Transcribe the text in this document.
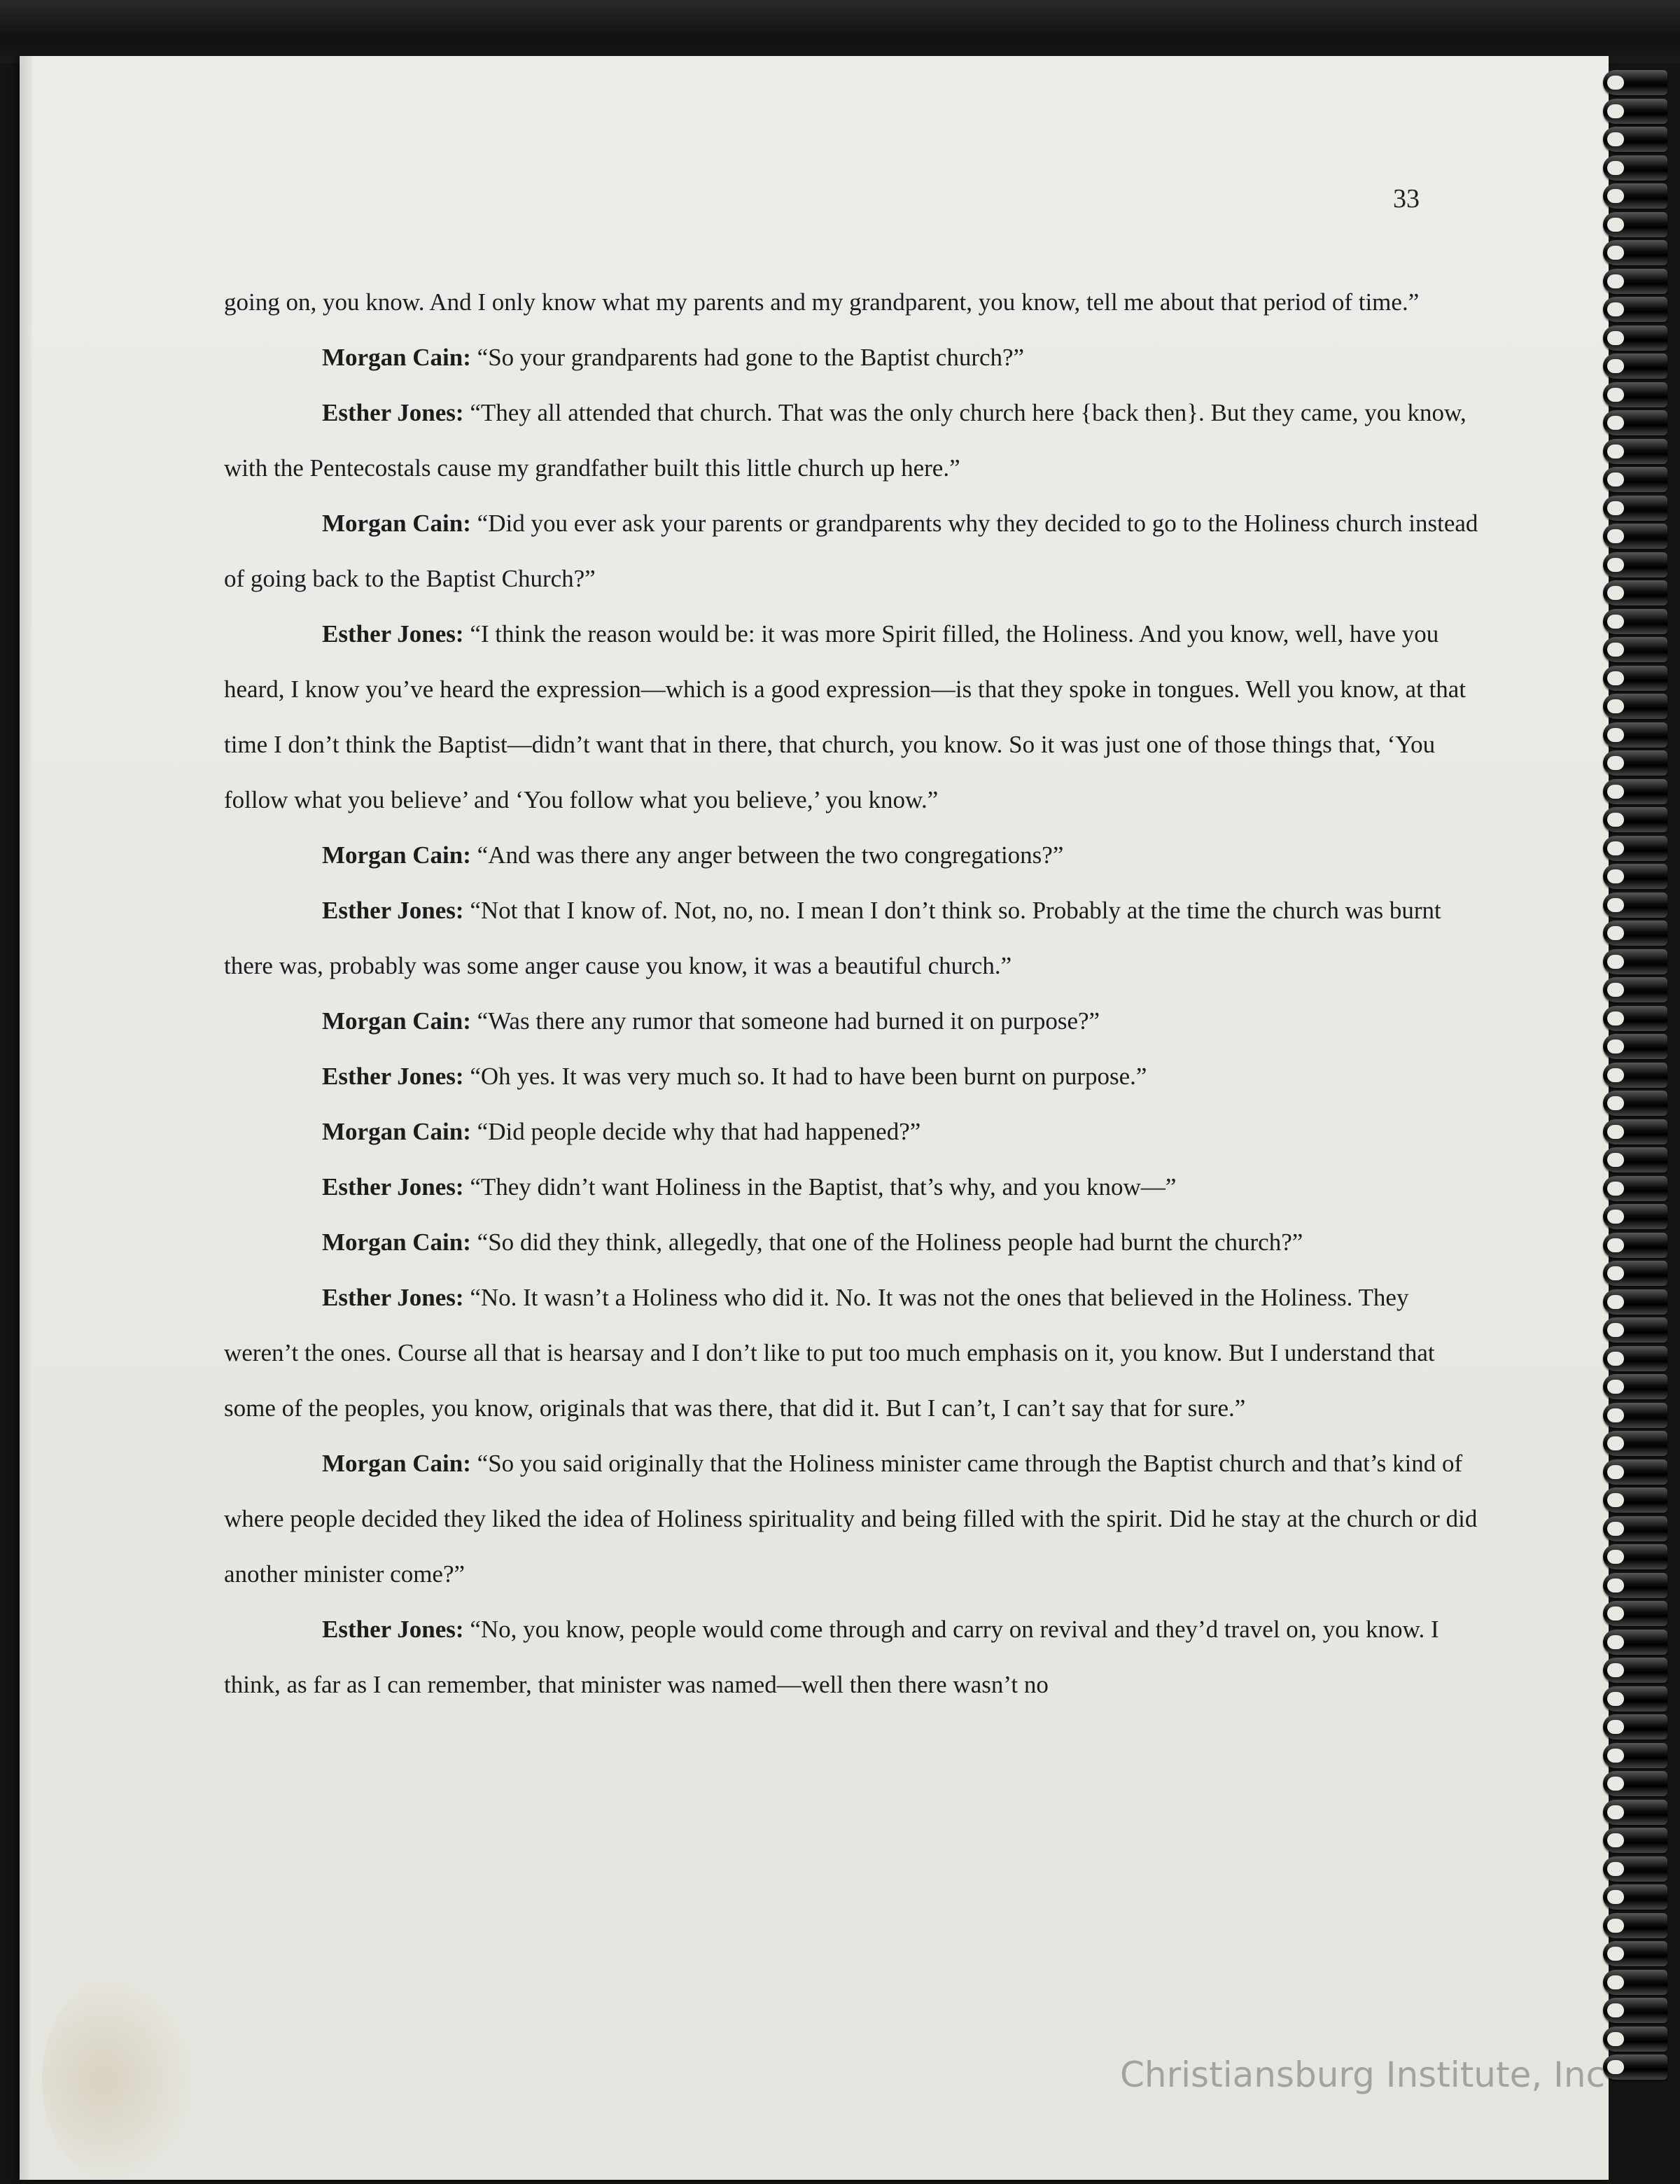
33

going on, you know. And I only know what my parents and my grandparent, you know, tell me about that period of time.”

Morgan Cain: “So your grandparents had gone to the Baptist church?”

Esther Jones: “They all attended that church. That was the only church here {back then}. But they came, you know, with the Pentecostals cause my grandfather built this little church up here.”

Morgan Cain: “Did you ever ask your parents or grandparents why they decided to go to the Holiness church instead of going back to the Baptist Church?”

Esther Jones: “I think the reason would be: it was more Spirit filled, the Holiness. And you know, well, have you heard, I know you’ve heard the expression—which is a good expression—is that they spoke in tongues. Well you know, at that time I don’t think the Baptist—didn’t want that in there, that church, you know. So it was just one of those things that, ‘You follow what you believe’ and ‘You follow what you believe,’ you know.”

Morgan Cain: “And was there any anger between the two congregations?”

Esther Jones: “Not that I know of. Not, no, no. I mean I don’t think so. Probably at the time the church was burnt there was, probably was some anger cause you know, it was a beautiful church.”

Morgan Cain: “Was there any rumor that someone had burned it on purpose?”

Esther Jones: “Oh yes. It was very much so. It had to have been burnt on purpose.”

Morgan Cain: “Did people decide why that had happened?”

Esther Jones: “They didn’t want Holiness in the Baptist, that’s why, and you know—”

Morgan Cain: “So did they think, allegedly, that one of the Holiness people had burnt the church?”

Esther Jones: “No. It wasn’t a Holiness who did it. No. It was not the ones that believed in the Holiness. They weren’t the ones. Course all that is hearsay and I don’t like to put too much emphasis on it, you know. But I understand that some of the peoples, you know, originals that was there, that did it. But I can’t, I can’t say that for sure.”

Morgan Cain: “So you said originally that the Holiness minister came through the Baptist church and that’s kind of where people decided they liked the idea of Holiness spirituality and being filled with the spirit. Did he stay at the church or did another minister come?”

Esther Jones: “No, you know, people would come through and carry on revival and they’d travel on, you know. I think, as far as I can remember, that minister was named—well then there wasn’t no

Christiansburg Institute, Inc
